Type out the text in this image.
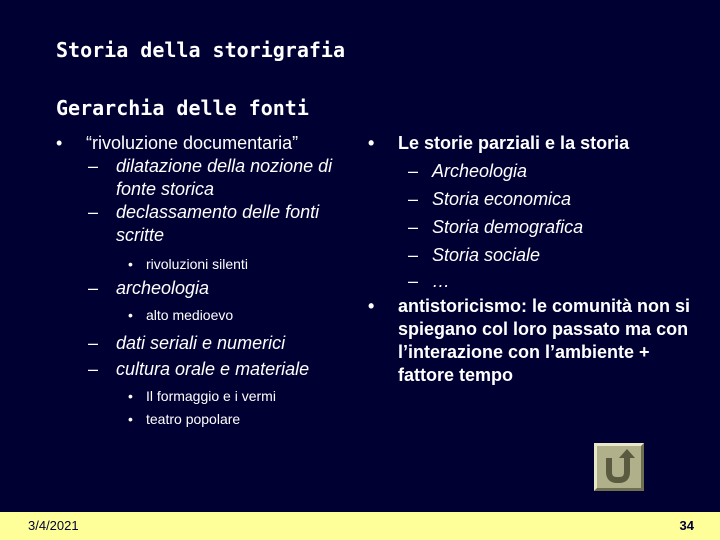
Storia della storigrafia
Gerarchia delle fonti
• “rivoluzione documentaria”
– dilatazione della nozione di fonte storica
– declassamento delle fonti scritte
• rivoluzioni silenti
– archeologia
• alto medioevo
– dati seriali e numerici
– cultura orale e materiale
• Il formaggio e i vermi
• teatro popolare
• Le storie parziali e la storia
– Archeologia
– Storia economica
– Storia demografica
– Storia sociale
– …
• antistoricismo: le comunità non si spiegano col loro passato ma con l’interazione con l’ambiente + fattore tempo
3/4/2021	34
